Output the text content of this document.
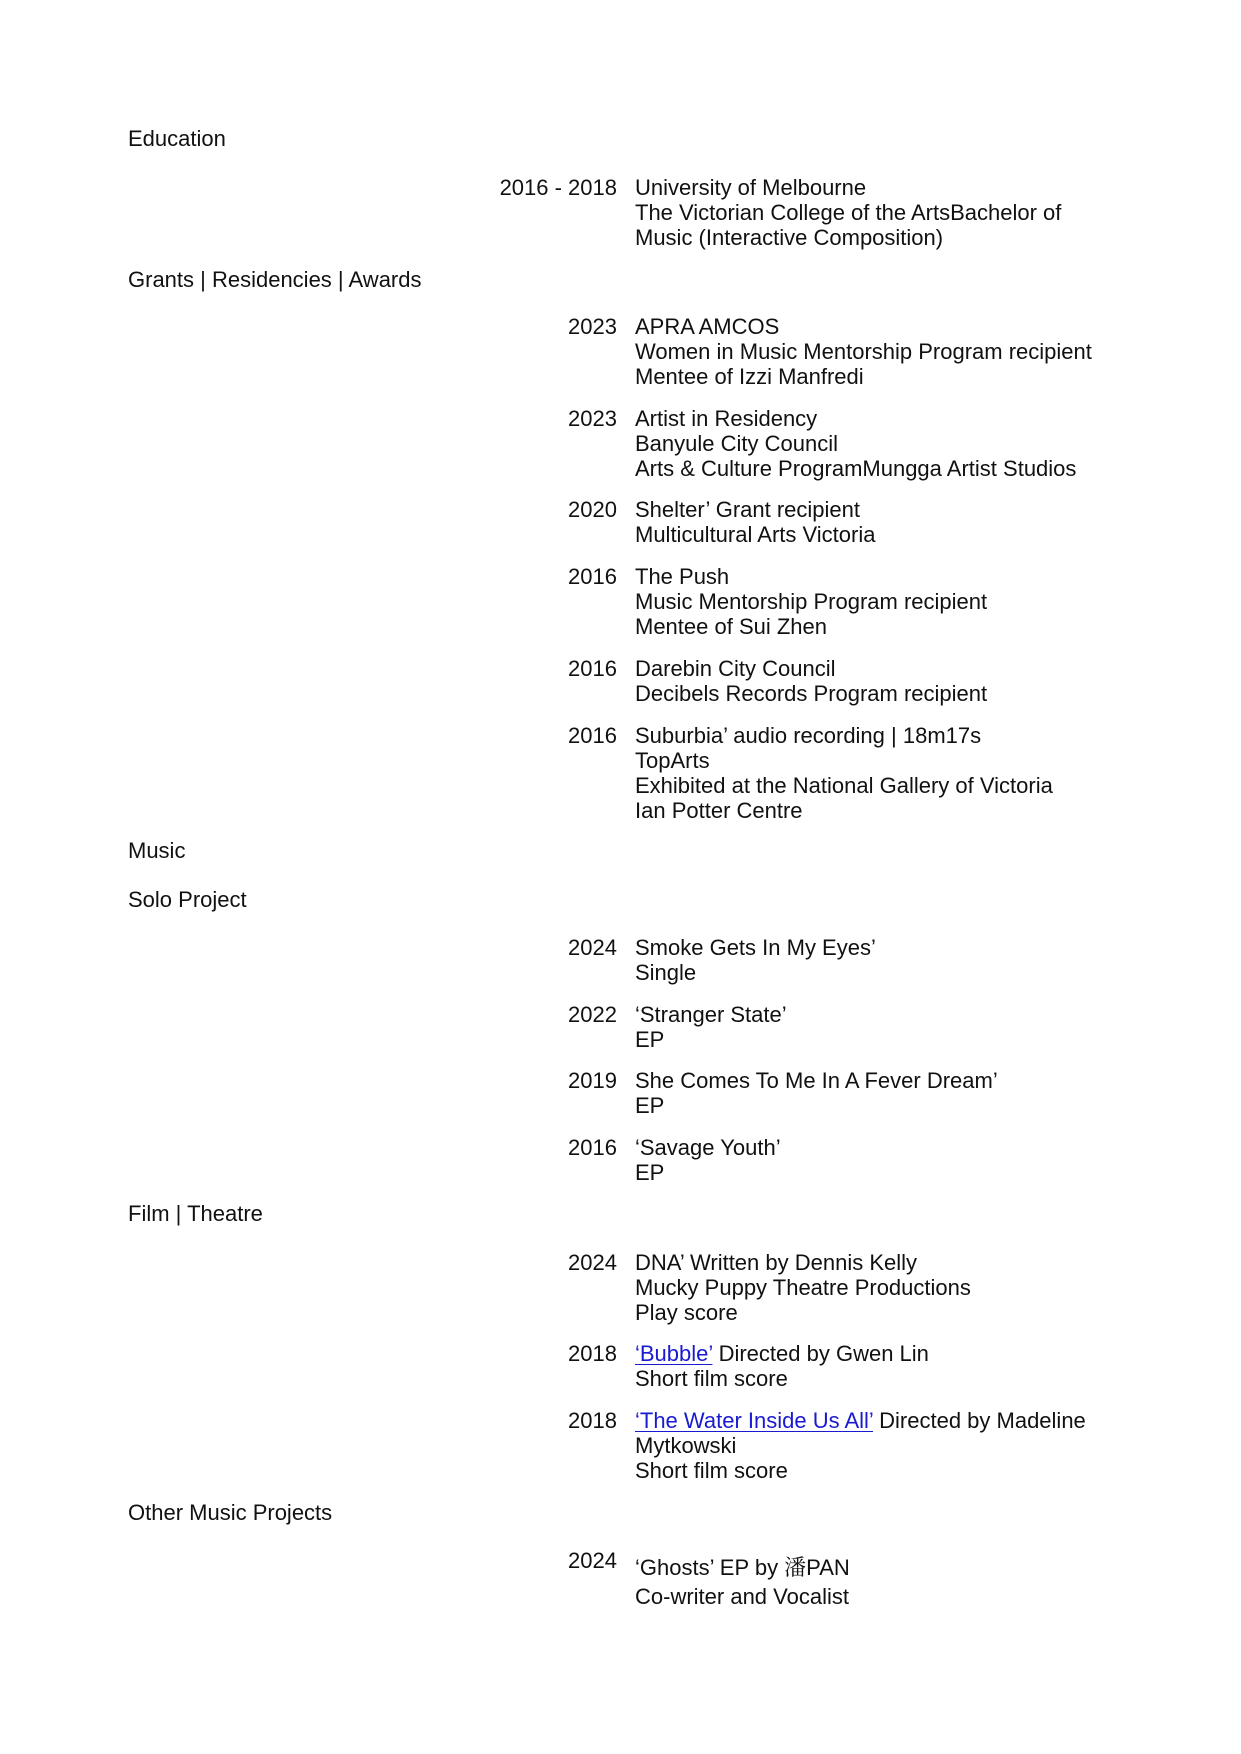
Education
2016 - 2018 University of Melbourne
The Victorian College of the ArtsBachelor of
Music (Interactive Composition)
Grants | Residencies | Awards
2023 APRA AMCOS
Women in Music Mentorship Program recipient
Mentee of Izzi Manfredi
2023 Artist in Residency
Banyule City Council
Arts & Culture ProgramMungga Artist Studios
2020 Shelter’ Grant recipient
Multicultural Arts Victoria
2016 The Push
Music Mentorship Program recipient
Mentee of Sui Zhen
2016 Darebin City Council
Decibels Records Program recipient
2016 Suburbia’ audio recording | 18m17s
TopArts
Exhibited at the National Gallery of Victoria
Ian Potter Centre
Music
Solo Project
2024 Smoke Gets In My Eyes’
Single
2022 ‘Stranger State’
EP
2019 She Comes To Me In A Fever Dream’
EP
2016 ‘Savage Youth’
EP
Film | Theatre
2024 DNA’ Written by Dennis Kelly
Mucky Puppy Theatre Productions
Play score
2018 ‘Bubble’ Directed by Gwen Lin
Short film score
2018 ‘The Water Inside Us All’ Directed by Madeline
Mytkowski
Short film score
Other Music Projects
2024 ‘Ghosts’ EP by 潘PAN
Co-writer and Vocalist
